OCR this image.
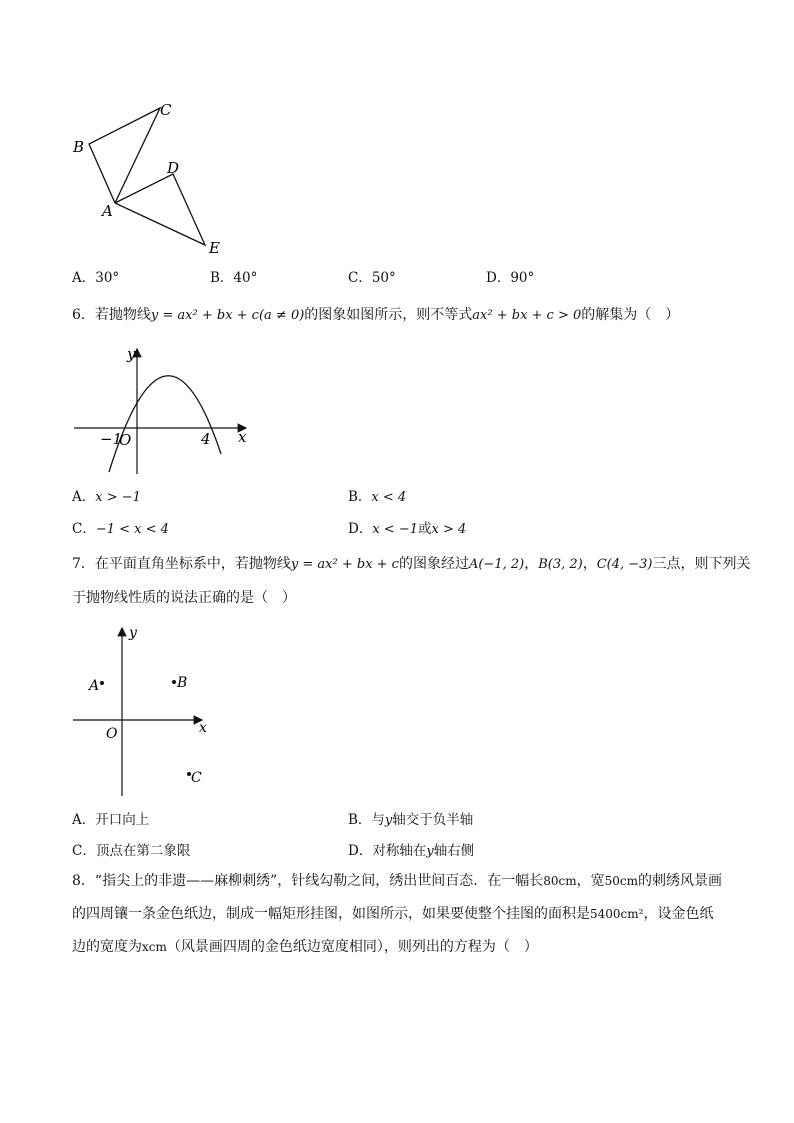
B
C
A
D
E
A．30°	B．40°	C．50°	D．90°
6．若抛物线y = ax² + bx + c(a ≠ 0)的图象如图所示，则不等式ax² + bx + c > 0的解集为（　）
y
x
O
−1	4
A．x > −1	B．x < 4
C．−1 < x < 4	D．x < −1或x > 4
7．在平面直角坐标系中，若抛物线y = ax² + bx + c的图象经过A(−1, 2)，B(3, 2)，C(4, −3)三点，则下列关
于抛物线性质的说法正确的是（　）
y
x
O
A	B
C
A．开口向上	B．与y轴交于负半轴
C．顶点在第二象限	D．对称轴在y轴右侧
8．“指尖上的非遗——麻柳刺绣”，针线勾勒之间，绣出世间百态．在一幅长80cm，宽50cm的刺绣风景画
的四周镶一条金色纸边，制成一幅矩形挂图，如图所示，如果要使整个挂图的面积是5400cm²，设金色纸
边的宽度为xcm（风景画四周的金色纸边宽度相同），则列出的方程为（　）
